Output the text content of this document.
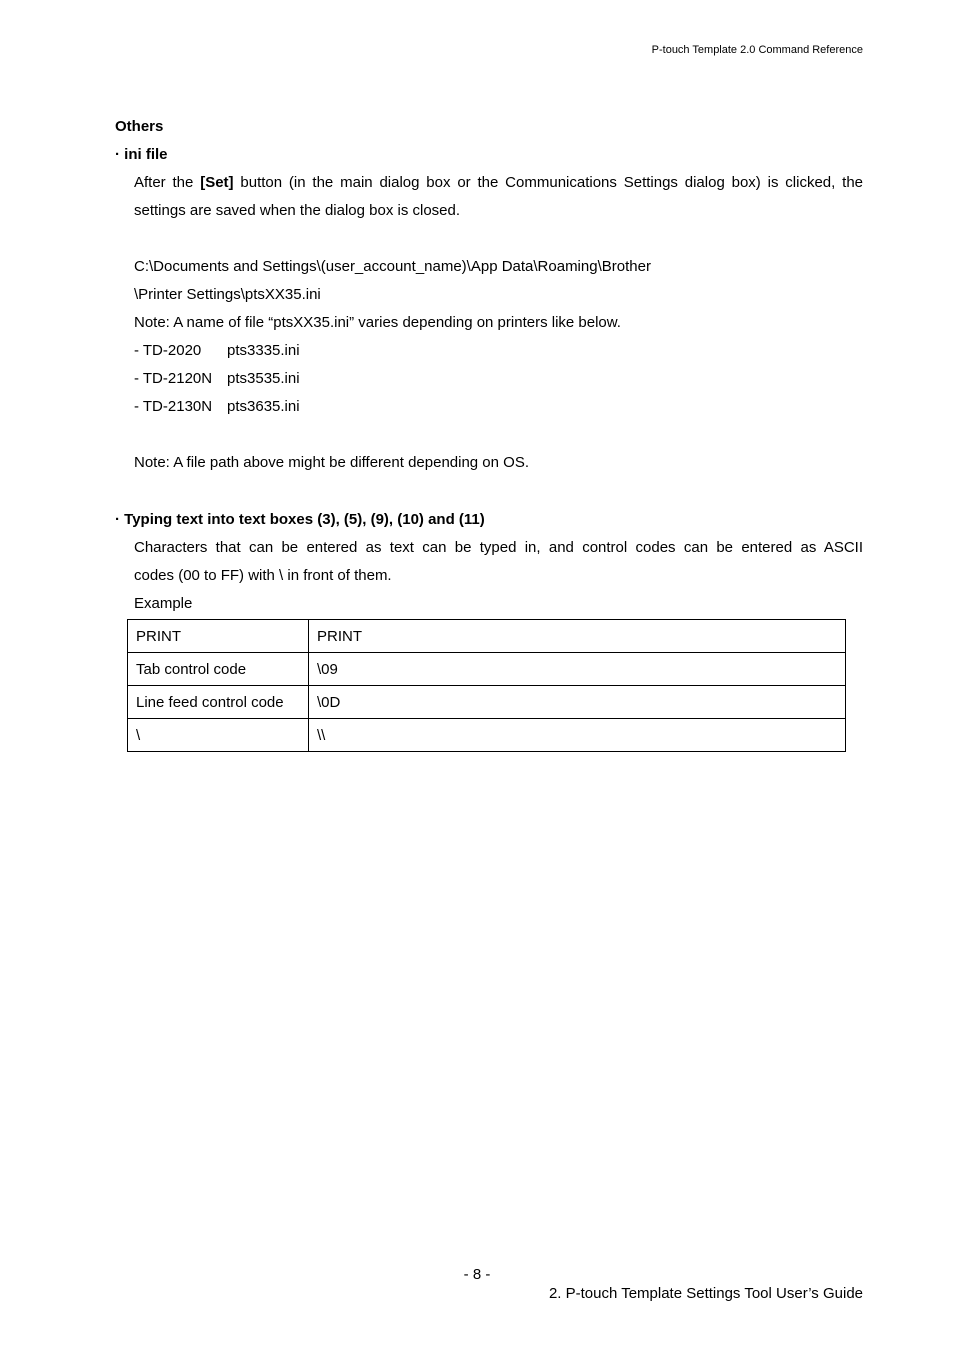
P-touch Template 2.0 Command Reference
Others
· ini file
After the [Set] button (in the main dialog box or the Communications Settings dialog box) is clicked, the
settings are saved when the dialog box is closed.
C:\Documents and Settings\(user_account_name)\App Data\Roaming\Brother
\Printer Settings\ptsXX35.ini
Note: A name of file “ptsXX35.ini” varies depending on printers like below.
- TD-2020	pts3335.ini
- TD-2120N pts3535.ini
- TD-2130N pts3635.ini
Note: A file path above might be different depending on OS.
· Typing text into text boxes (3), (5), (9), (10) and (11)
Characters that can be entered as text can be typed in, and control codes can be entered as ASCII
codes (00 to FF) with \ in front of them.
Example
PRINT	PRINT
Tab control code	\09
Line feed control code	\0D
\	\\
- 8 -
2. P-touch Template Settings Tool User’s Guide
